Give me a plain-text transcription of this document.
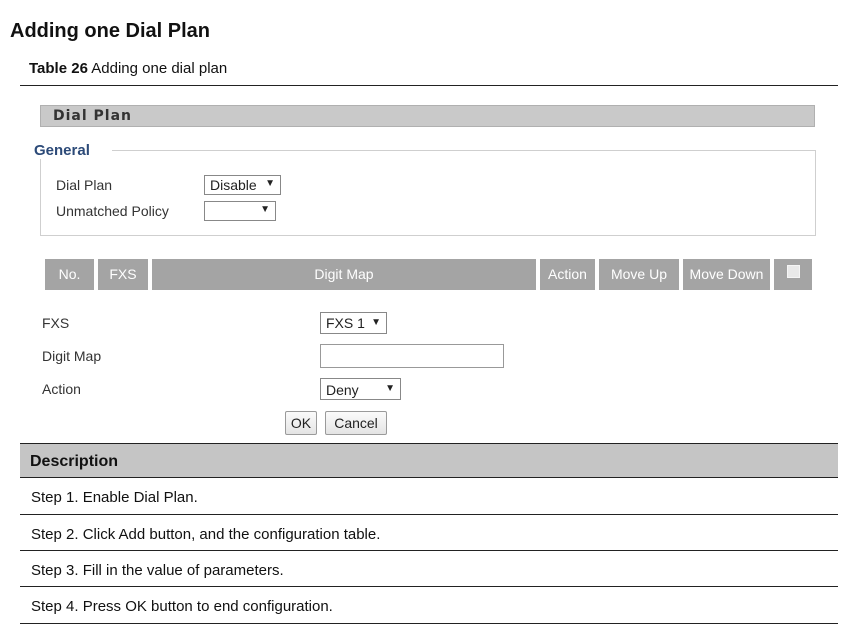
Adding one Dial Plan
Table 26 Adding one dial plan
Dial Plan
General
Dial Plan	Disable ▼
Unmatched Policy	▼
No.	FXS	Digit Map	Action	Move Up	Move Down
FXS	FXS 1 ▼
Digit Map
Action	Deny	▼
OK	Cancel
Description
Step 1. Enable Dial Plan.
Step 2. Click Add button, and the configuration table.
Step 3. Fill in the value of parameters.
Step 4. Press OK button to end configuration.
